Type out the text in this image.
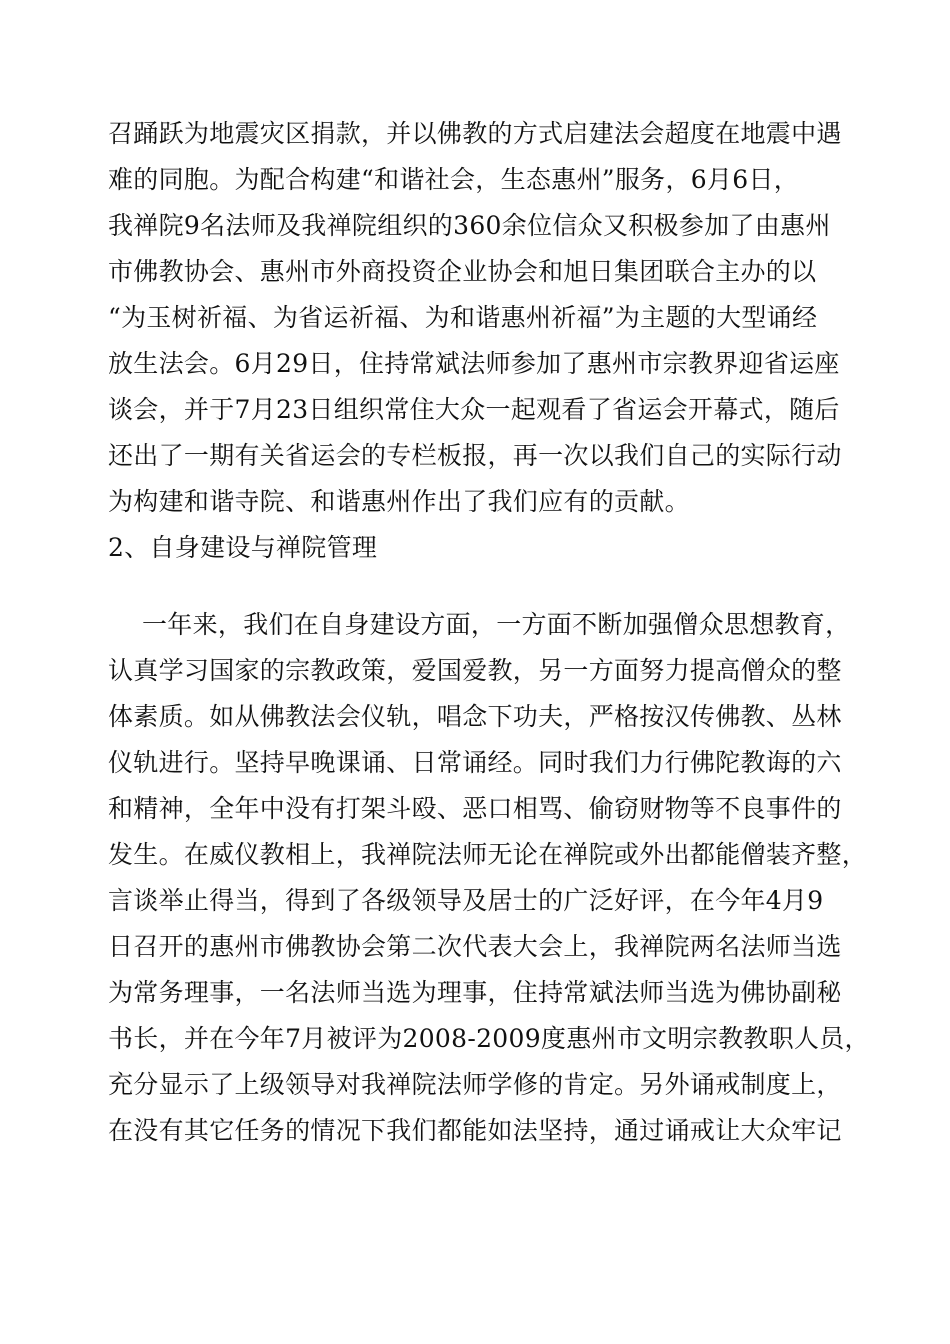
召踊跃为地震灾区捐款，并以佛教的方式启建法会超度在地震中遇
难的同胞。为配合构建“和谐社会，生态惠州”服务，6月6日，
我禅院9名法师及我禅院组织的360余位信众又积极参加了由惠州
市佛教协会、惠州市外商投资企业协会和旭日集团联合主办的以
“为玉树祈福、为省运祈福、为和谐惠州祈福”为主题的大型诵经
放生法会。6月29日，住持常斌法师参加了惠州市宗教界迎省运座
谈会，并于7月23日组织常住大众一起观看了省运会开幕式，随后
还出了一期有关省运会的专栏板报，再一次以我们自己的实际行动
为构建和谐寺院、和谐惠州作出了我们应有的贡献。
2、自身建设与禅院管理
一年来，我们在自身建设方面，一方面不断加强僧众思想教育，
认真学习国家的宗教政策，爱国爱教，另一方面努力提高僧众的整
体素质。如从佛教法会仪轨，唱念下功夫，严格按汉传佛教、丛林
仪轨进行。坚持早晚课诵、日常诵经。同时我们力行佛陀教诲的六
和精神，全年中没有打架斗殴、恶口相骂、偷窃财物等不良事件的
发生。在威仪教相上，我禅院法师无论在禅院或外出都能僧装齐整，
言谈举止得当，得到了各级领导及居士的广泛好评，在今年4月9
日召开的惠州市佛教协会第二次代表大会上，我禅院两名法师当选
为常务理事，一名法师当选为理事，住持常斌法师当选为佛协副秘
书长，并在今年7月被评为2008-2009度惠州市文明宗教教职人员，
充分显示了上级领导对我禅院法师学修的肯定。另外诵戒制度上，
在没有其它任务的情况下我们都能如法坚持，通过诵戒让大众牢记
